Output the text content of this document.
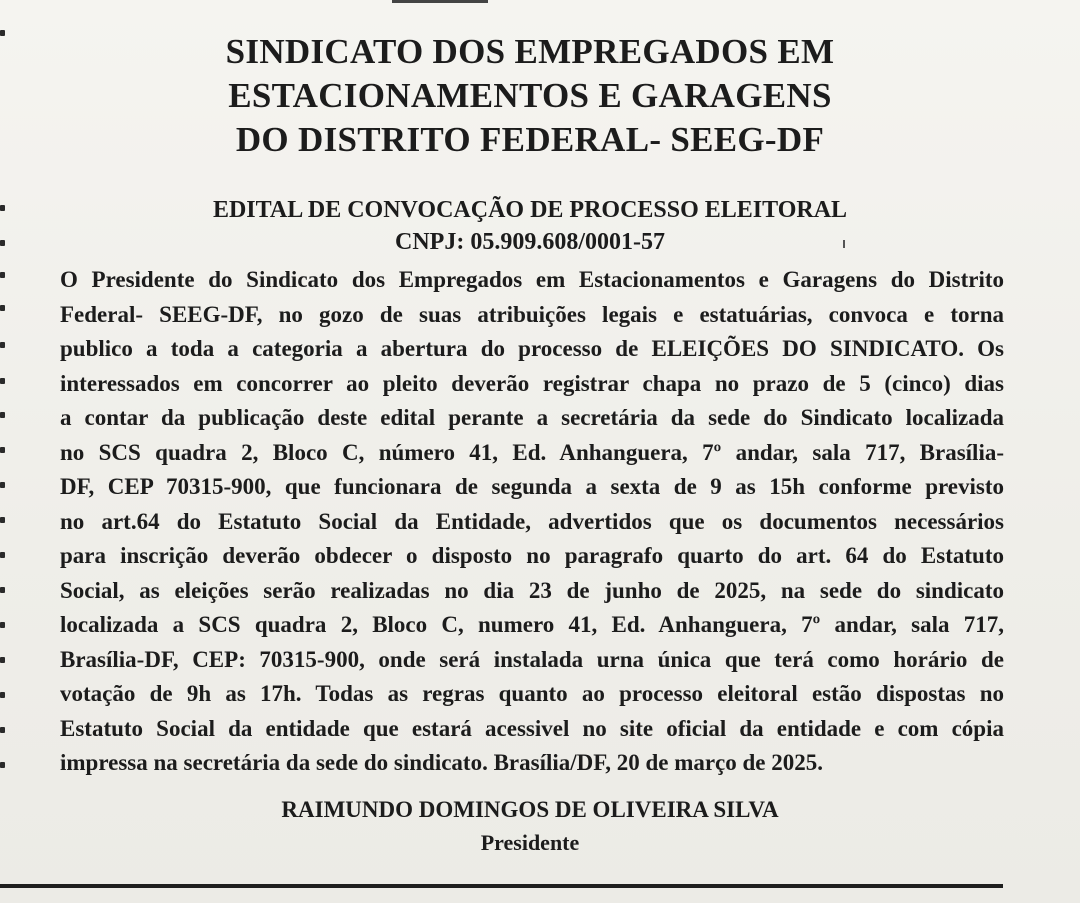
SINDICATO DOS EMPREGADOS EM
ESTACIONAMENTOS E GARAGENS
DO DISTRITO FEDERAL- SEEG-DF
EDITAL DE CONVOCAÇÃO DE PROCESSO ELEITORAL
CNPJ: 05.909.608/0001-57
O Presidente do Sindicato dos Empregados em Estacionamentos e Garagens do Distrito
Federal- SEEG-DF, no gozo de suas atribuições legais e estatuárias, convoca e torna
publico a toda a categoria a abertura do processo de ELEIÇÕES DO SINDICATO. Os
interessados em concorrer ao pleito deverão registrar chapa no prazo de 5 (cinco) dias
a contar da publicação deste edital perante a secretária da sede do Sindicato localizada
no SCS quadra 2, Bloco C, número 41, Ed. Anhanguera, 7º andar, sala 717, Brasília-
DF, CEP 70315-900, que funcionara de segunda a sexta de 9 as 15h conforme previsto
no art.64 do Estatuto Social da Entidade, advertidos que os documentos necessários
para inscrição deverão obdecer o disposto no paragrafo quarto do art. 64 do Estatuto
Social, as eleições serão realizadas no dia 23 de junho de 2025, na sede do sindicato
localizada a SCS quadra 2, Bloco C, numero 41, Ed. Anhanguera, 7º andar, sala 717,
Brasília-DF, CEP: 70315-900, onde será instalada urna única que terá como horário de
votação de 9h as 17h. Todas as regras quanto ao processo eleitoral estão dispostas no
Estatuto Social da entidade que estará acessivel no site oficial da entidade e com cópia
impressa na secretária da sede do sindicato. Brasília/DF, 20 de março de 2025.
RAIMUNDO DOMINGOS DE OLIVEIRA SILVA
Presidente
